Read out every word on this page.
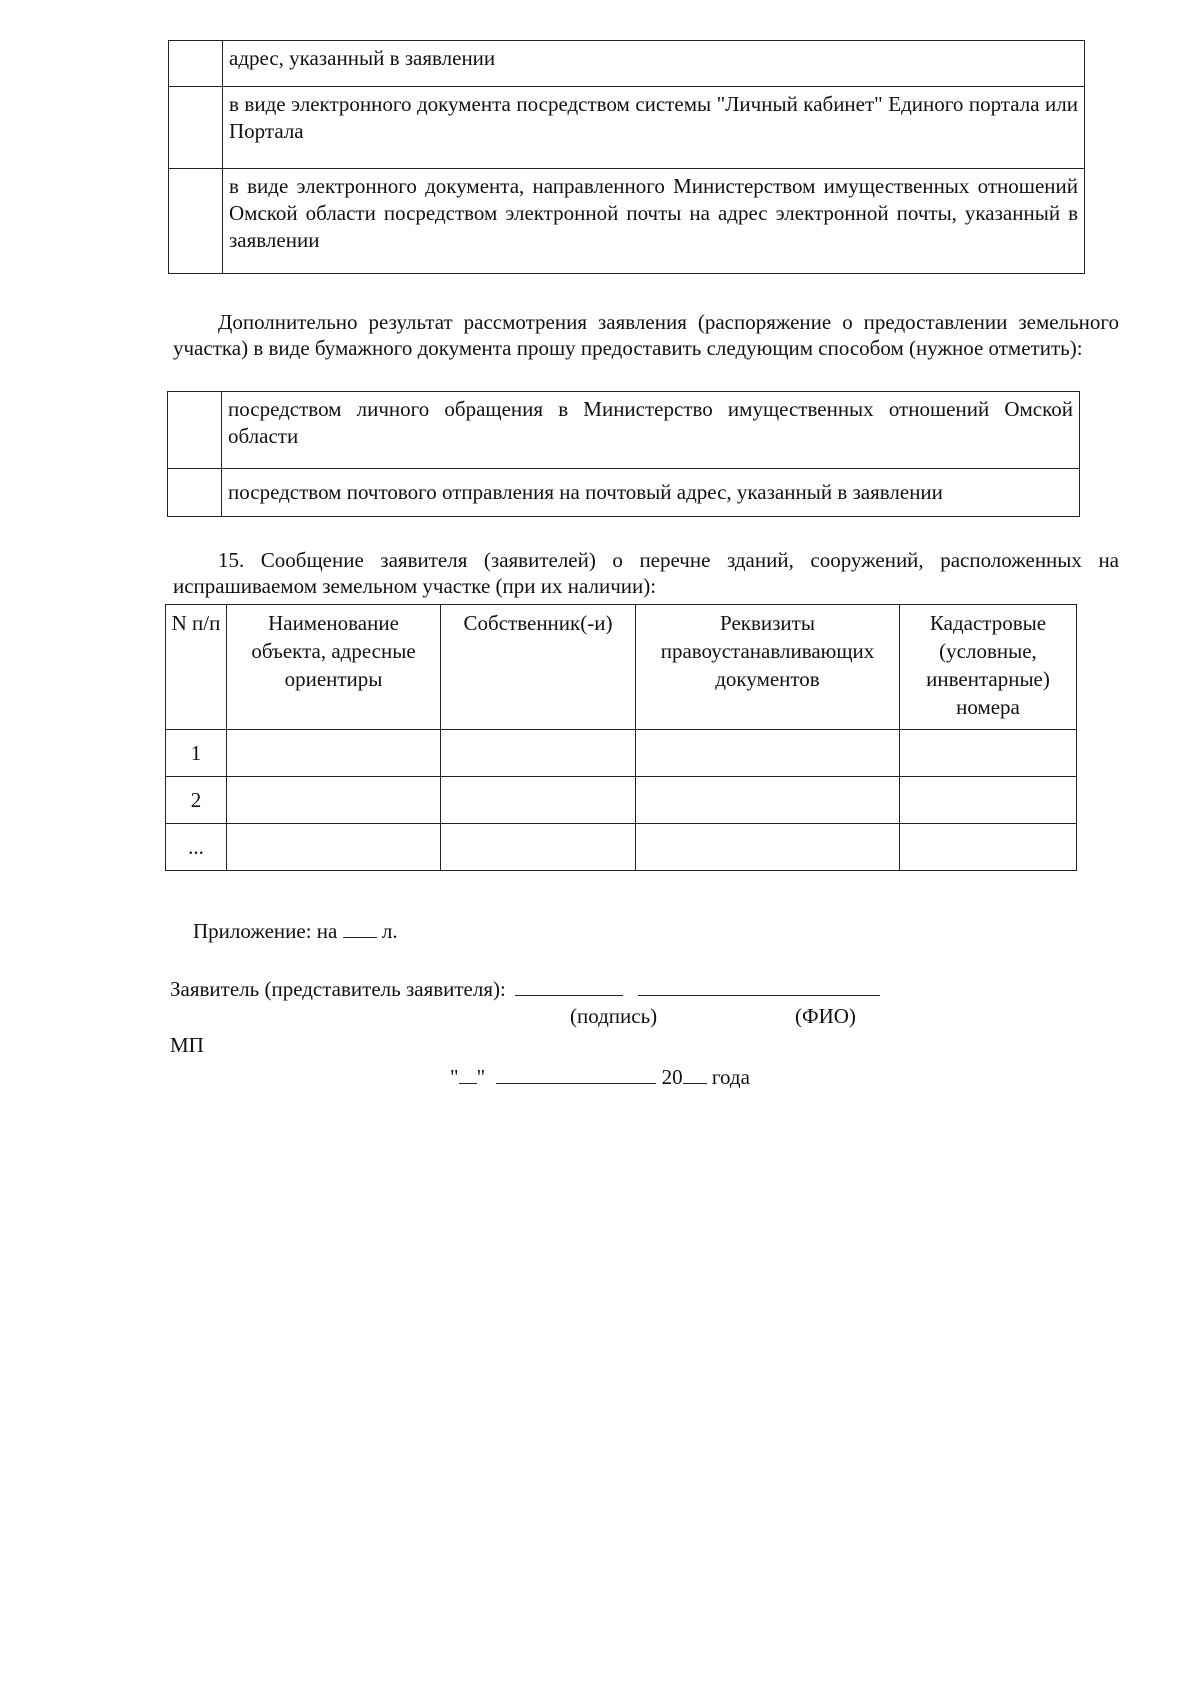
	адрес, указанный в заявлении
	в виде электронного документа посредством системы "Личный кабинет" Единого портала или Портала
	в виде электронного документа, направленного Министерством имущественных отношений Омской области посредством электронной почты на адрес электронной почты, указанный в заявлении
Дополнительно результат рассмотрения заявления (распоряжение о предоставлении земельного участка) в виде бумажного документа прошу предоставить следующим способом (нужное отметить):
	посредством личного обращения в Министерство имущественных отношений Омской области
	посредством почтового отправления на почтовый адрес, указанный в заявлении
15. Сообщение заявителя (заявителей) о перечне зданий, сооружений, расположенных на испрашиваемом земельном участке (при их наличии):
N п/п	Наименование объекта, адресные ориентиры	Собственник(-и)	Реквизиты правоустанавливающих документов	Кадастровые (условные, инвентарные) номера
1				
2				
...				
Приложение: на л.
Заявитель (представитель заявителя):
(подпись)	(ФИО)
МП
" "	20 года
